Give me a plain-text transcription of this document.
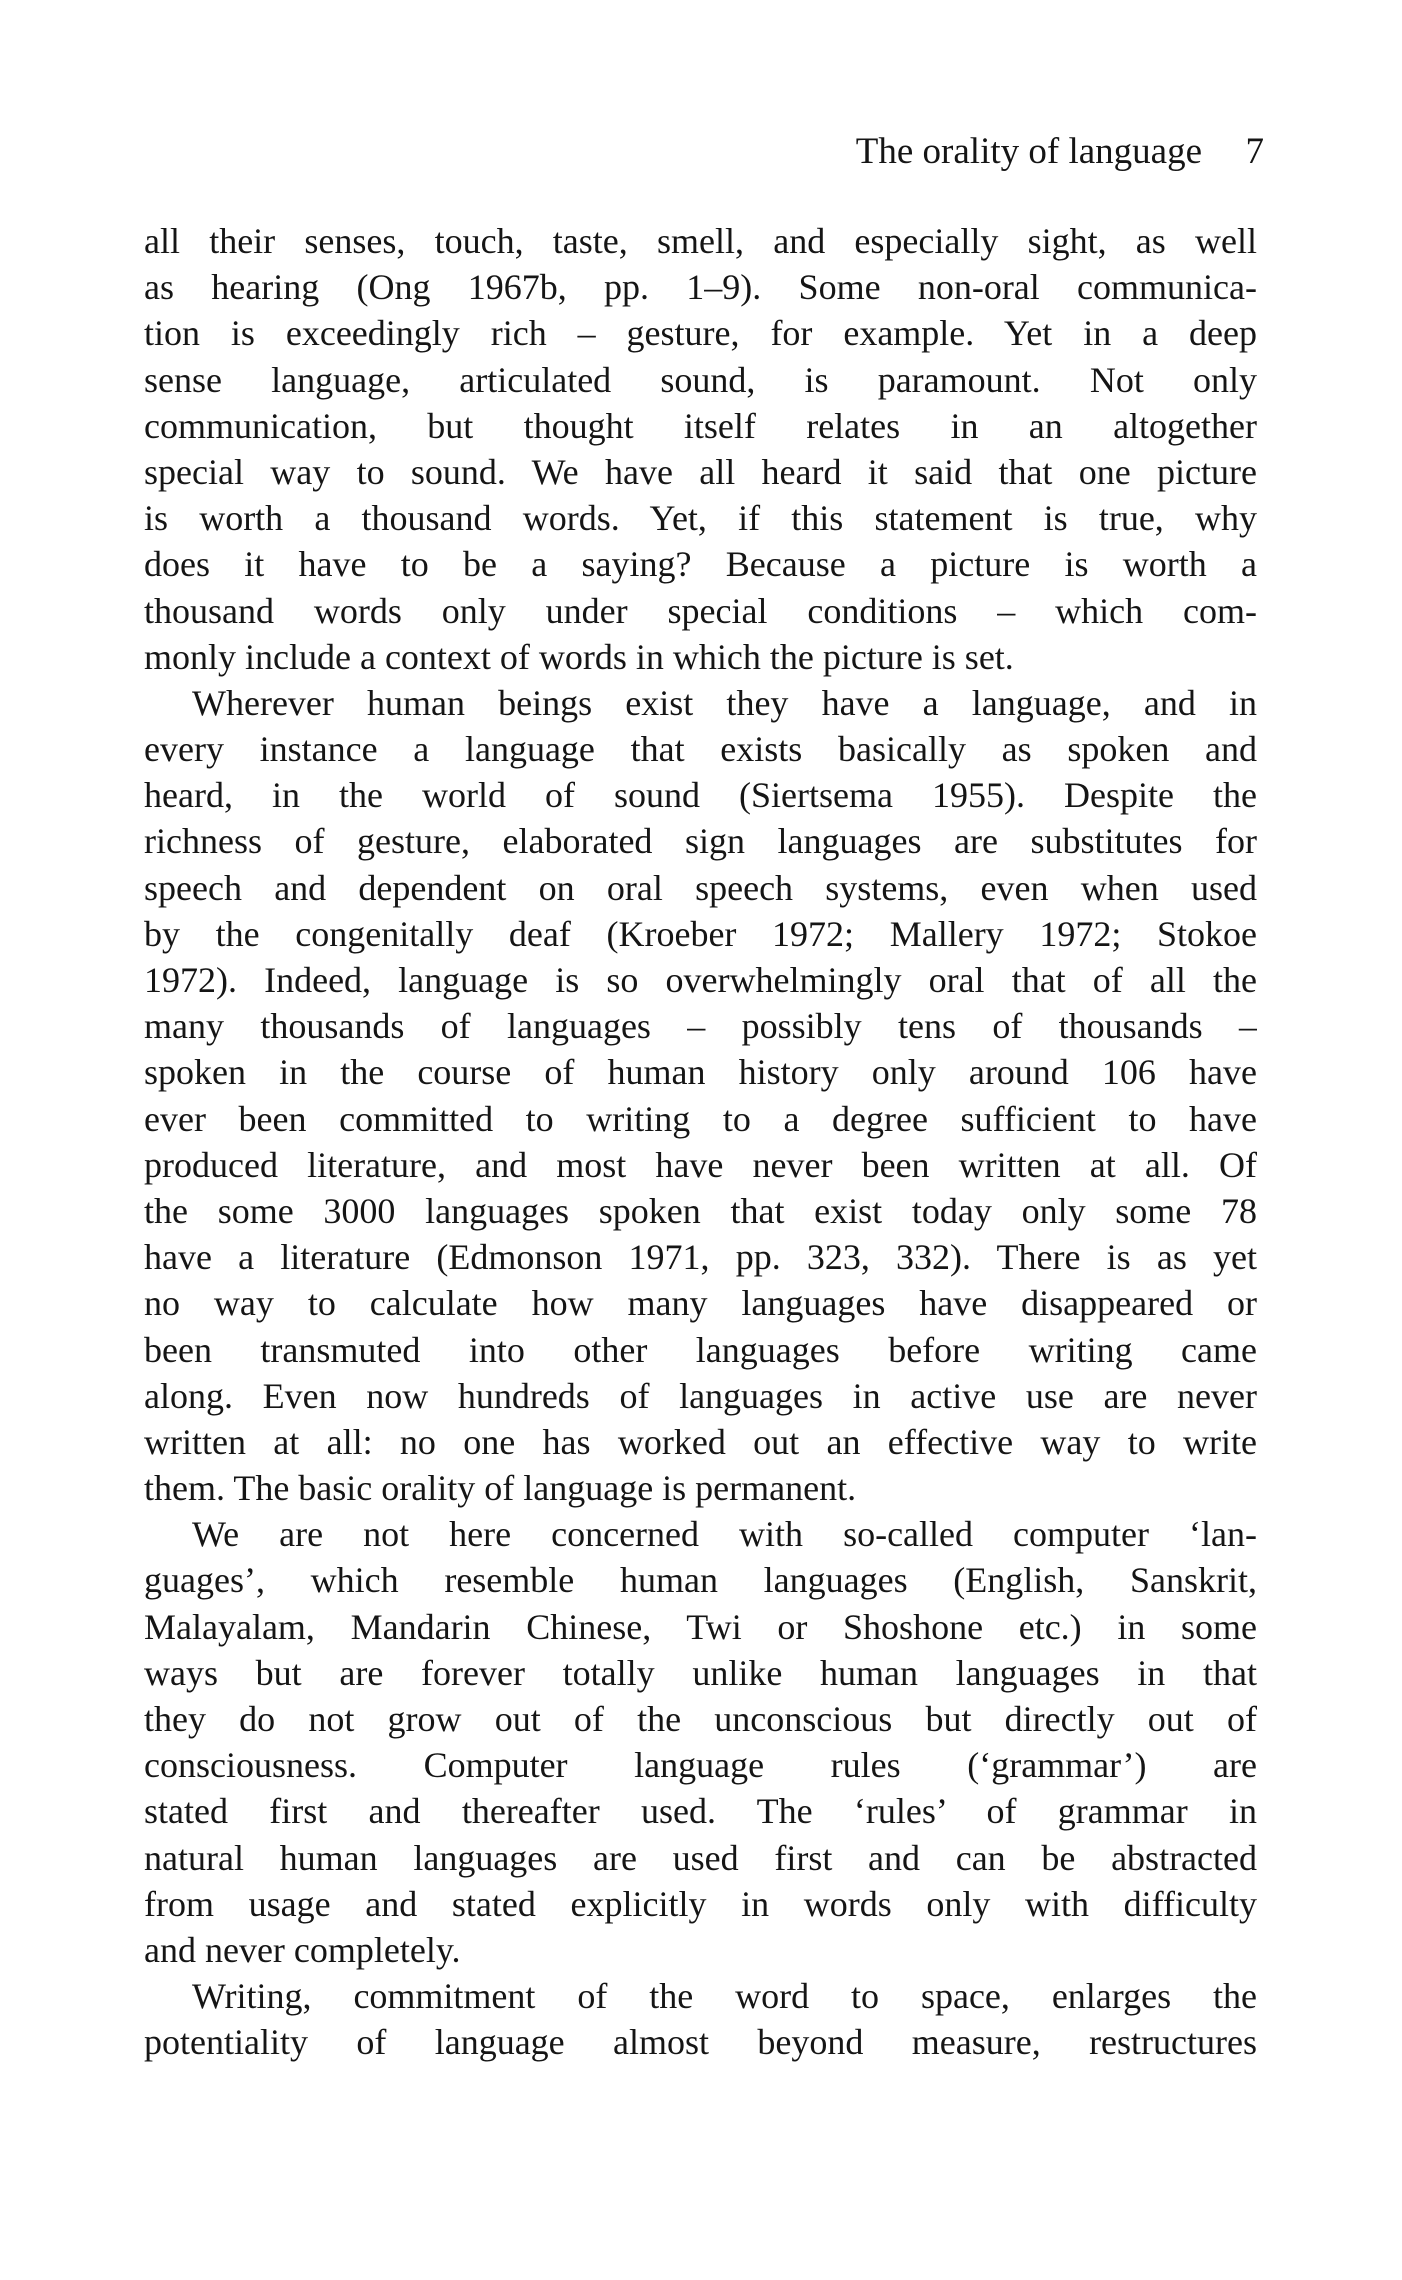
The orality of language 7
all their senses, touch, taste, smell, and especially sight, as well
as hearing (Ong 1967b, pp. 1–9). Some non-oral communica-
tion is exceedingly rich – gesture, for example. Yet in a deep
sense language, articulated sound, is paramount. Not only
communication, but thought itself relates in an altogether
special way to sound. We have all heard it said that one picture
is worth a thousand words. Yet, if this statement is true, why
does it have to be a saying? Because a picture is worth a
thousand words only under special conditions – which com-
monly include a context of words in which the picture is set.
Wherever human beings exist they have a language, and in
every instance a language that exists basically as spoken and
heard, in the world of sound (Siertsema 1955). Despite the
richness of gesture, elaborated sign languages are substitutes for
speech and dependent on oral speech systems, even when used
by the congenitally deaf (Kroeber 1972; Mallery 1972; Stokoe
1972). Indeed, language is so overwhelmingly oral that of all the
many thousands of languages – possibly tens of thousands –
spoken in the course of human history only around 106 have
ever been committed to writing to a degree sufficient to have
produced literature, and most have never been written at all. Of
the some 3000 languages spoken that exist today only some 78
have a literature (Edmonson 1971, pp. 323, 332). There is as yet
no way to calculate how many languages have disappeared or
been transmuted into other languages before writing came
along. Even now hundreds of languages in active use are never
written at all: no one has worked out an effective way to write
them. The basic orality of language is permanent.
We are not here concerned with so-called computer ‘lan-
guages’, which resemble human languages (English, Sanskrit,
Malayalam, Mandarin Chinese, Twi or Shoshone etc.) in some
ways but are forever totally unlike human languages in that
they do not grow out of the unconscious but directly out of
consciousness. Computer language rules (‘grammar’) are
stated first and thereafter used. The ‘rules’ of grammar in
natural human languages are used first and can be abstracted
from usage and stated explicitly in words only with difficulty
and never completely.
Writing, commitment of the word to space, enlarges the
potentiality of language almost beyond measure, restructures
